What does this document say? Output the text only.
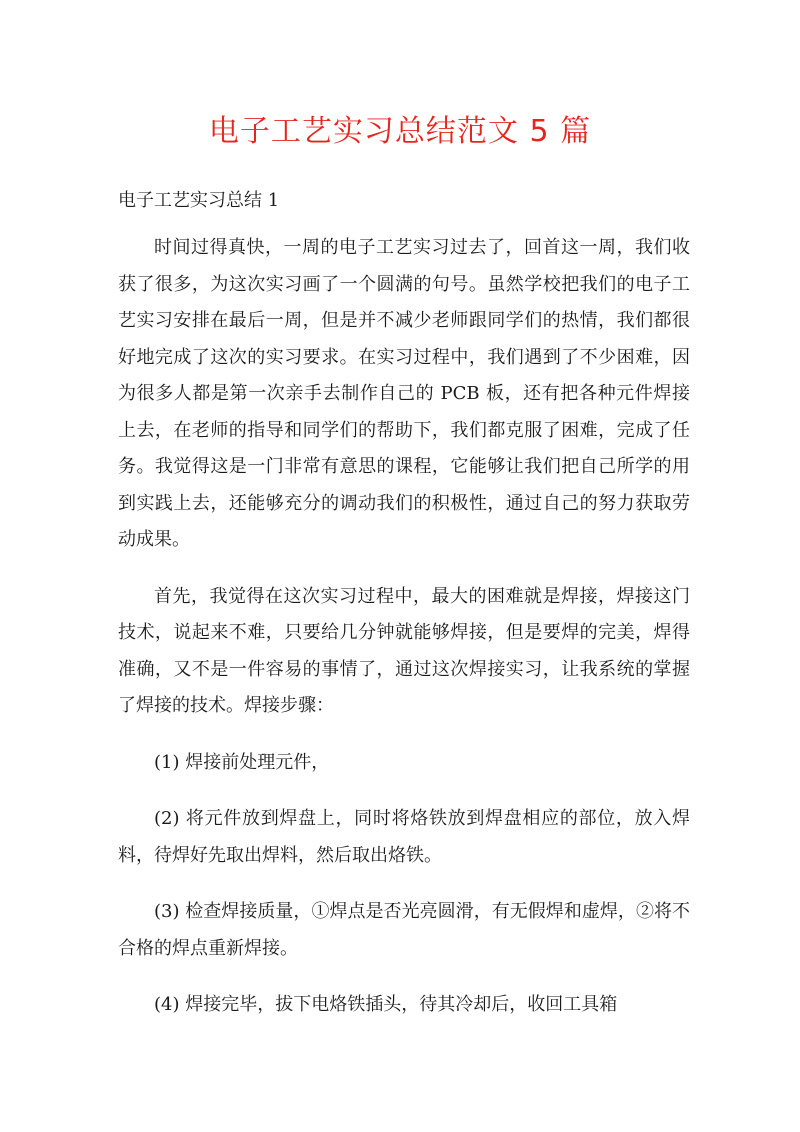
电子工艺实习总结范文 5 篇

电子工艺实习总结 1

时间过得真快，一周的电子工艺实习过去了，回首这一周，我们收获了很多，为这次实习画了一个圆满的句号。虽然学校把我们的电子工艺实习安排在最后一周，但是并不减少老师跟同学们的热情，我们都很好地完成了这次的实习要求。在实习过程中，我们遇到了不少困难，因为很多人都是第一次亲手去制作自己的 PCB 板，还有把各种元件焊接上去，在老师的指导和同学们的帮助下，我们都克服了困难，完成了任务。我觉得这是一门非常有意思的课程，它能够让我们把自己所学的用到实践上去，还能够充分的调动我们的积极性，通过自己的努力获取劳动成果。

首先，我觉得在这次实习过程中，最大的困难就是焊接，焊接这门技术，说起来不难，只要给几分钟就能够焊接，但是要焊的完美，焊得准确，又不是一件容易的事情了，通过这次焊接实习，让我系统的掌握了焊接的技术。焊接步骤：

(1) 焊接前处理元件，

(2) 将元件放到焊盘上，同时将烙铁放到焊盘相应的部位，放入焊料，待焊好先取出焊料，然后取出烙铁。

(3) 检查焊接质量，①焊点是否光亮圆滑，有无假焊和虚焊，②将不合格的焊点重新焊接。

(4) 焊接完毕，拔下电烙铁插头，待其冷却后，收回工具箱
